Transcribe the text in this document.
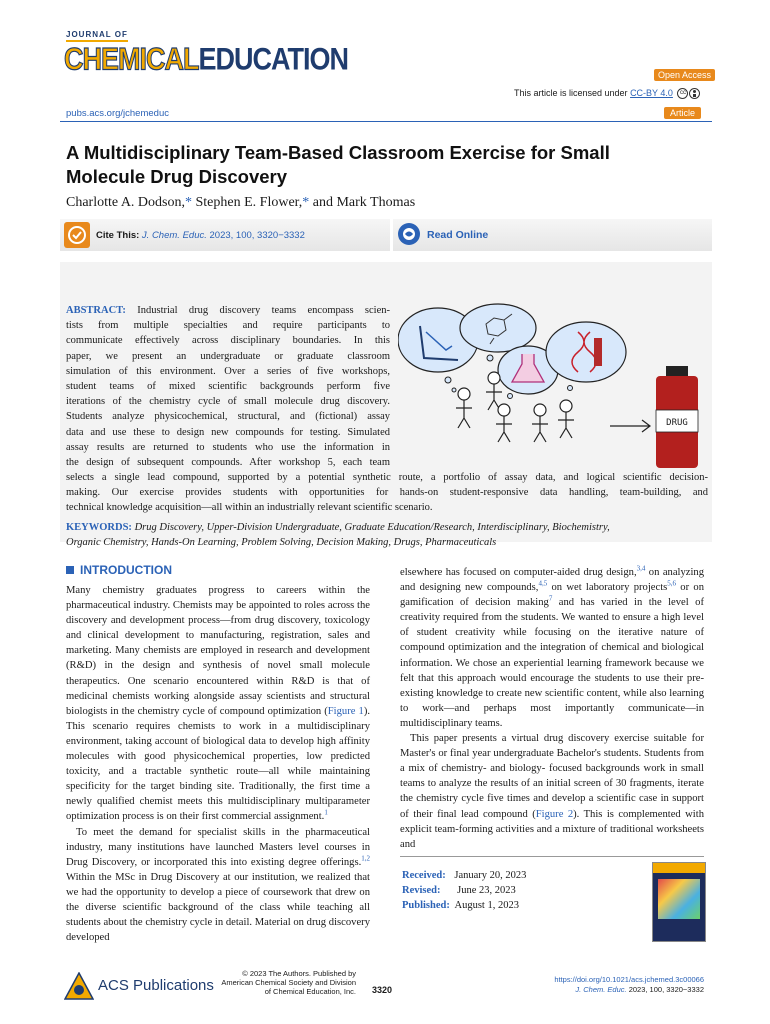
JOURNAL OF
CHEMICALEDUCATION	Open Access
This article is licensed under CC-BY 4.0 cc
pubs.acs.org/jchemeduc	Article
A Multidisciplinary Team-Based Classroom Exercise for Small
Molecule Drug Discovery
Charlotte A. Dodson,* Stephen E. Flower,* and Mark Thomas
Cite This: J. Chem. Educ. 2023, 100, 3320−3332	Read Online
ABSTRACT: Industrial drug discovery teams encompass scien-
tists from multiple specialties and require participants to
communicate effectively across disciplinary boundaries. In this
paper, we present an undergraduate or graduate classroom
simulation of this environment. Over a series of five workshops,
student teams of mixed scientific backgrounds perform five
iterations of the chemistry cycle of small molecule drug discovery.
Students analyze physicochemical, structural, and (fictional) assay
data and use these to design new compounds for testing. Simulated
assay results are returned to students who use the information in
the design of subsequent compounds. After workshop 5, each team
selects a single lead compound, supported by a potential synthetic route, a portfolio of assay data, and logical scientific decision-
making. Our exercise provides students with opportunities for hands-on student-responsive data handling, team-building, and
technical knowledge acquisition—all within an industrially relevant scientific scenario.
KEYWORDS: Drug Discovery, Upper-Division Undergraduate, Graduate Education/Research, Interdisciplinary, Biochemistry,
Organic Chemistry, Hands-On Learning, Problem Solving, Decision Making, Drugs, Pharmaceuticals
DRUG
INTRODUCTION

Many chemistry graduates progress to careers within the pharmaceutical industry. Chemists may be appointed to roles across the discovery and development process—from drug discovery, toxicology and clinical development to manufacturing, registration, sales and marketing. Many chemists are employed in research and development (R&D) in the design and synthesis of novel small molecule therapeutics. One scenario encountered within R&D is that of medicinal chemists working alongside assay scientists and structural biologists in the chemistry cycle of compound optimization (Figure 1). This scenario requires chemists to work in a multidisciplinary environment, taking account of biological data to develop high affinity molecules with good physicochemical properties, low predicted toxicity, and a tractable synthetic route—all while maintaining specificity for the target binding site. Traditionally, the first time a newly qualified chemist meets this multidisciplinary multiparameter optimization process is on their first commercial assignment.$^1$

To meet the demand for specialist skills in the pharmaceutical industry, many institutions have launched Masters level courses in Drug Discovery, or incorporated this into existing degree offerings.$^{1,2}$ Within the MSc in Drug Discovery at our institution, we realized that we had the opportunity to develop a piece of coursework that drew on the diverse scientific background of the class while teaching all students about the chemistry cycle in detail. Material on drug discovery developed

elsewhere has focused on computer-aided drug design,$^{3,4}$ on analyzing and designing new compounds,$^{4,5}$ on wet laboratory projects$^{5,6}$ or on gamification of decision making$^7$ and has varied in the level of creativity required from the students. We wanted to ensure a high level of student creativity while focusing on the iterative nature of compound optimization and the integration of chemical and biological information. We chose an experiential learning framework because we felt that this approach would encourage the students to use their pre-existing knowledge to create new scientific content, while also learning to work—and perhaps most importantly communicate—in multidisciplinary teams.

This paper presents a virtual drug discovery exercise suitable for Master's or final year undergraduate Bachelor's students. Students from a mix of chemistry- and biology- focused backgrounds work in small teams to analyze the results of an initial screen of 30 fragments, iterate the chemistry cycle five times and develop a scientific case in support of their final lead compound (Figure 2). This is complemented with explicit team-forming activities and a mixture of traditional worksheets and

Received: January 20, 2023
Revised: June 23, 2023
Published: August 1, 2023
ACS Publications
© 2023 The Authors. Published by
American Chemical Society and Division
of Chemical Education, Inc. 3320
https://doi.org/10.1021/acs.jchemed.3c00066
J. Chem. Educ. 2023, 100, 3320−3332
